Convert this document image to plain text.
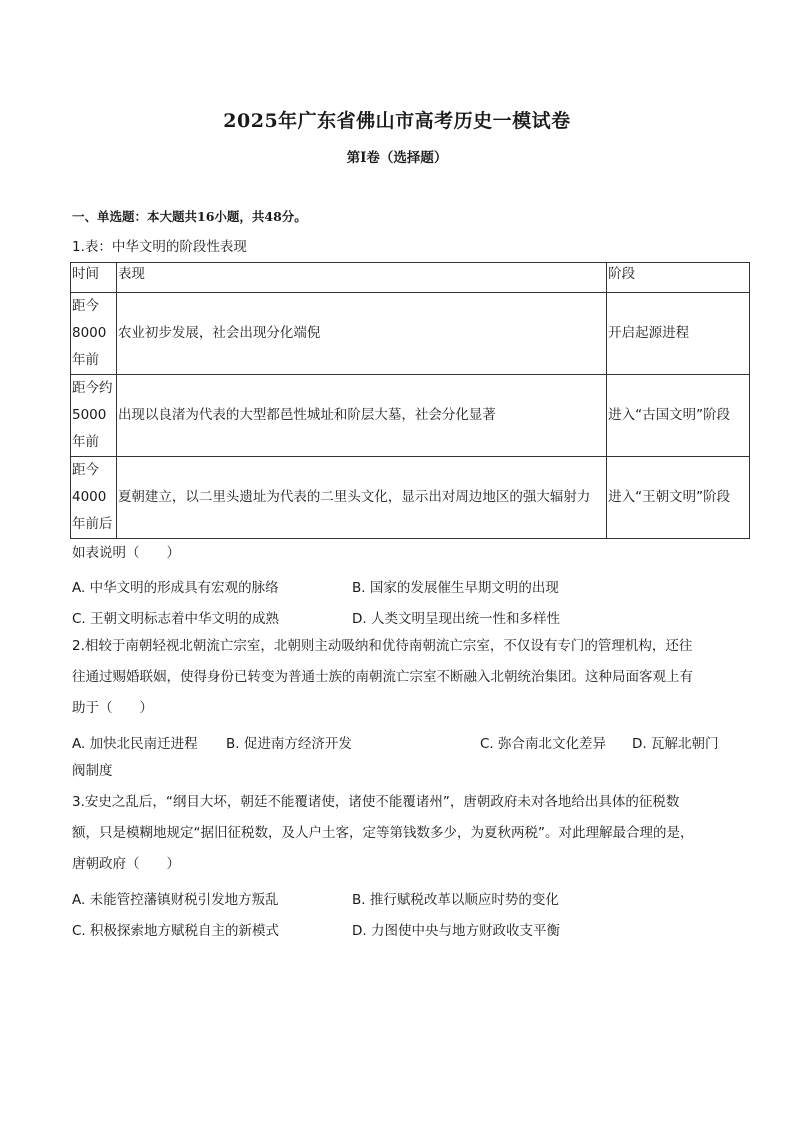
2025年广东省佛山市高考历史一模试卷
第Ⅰ卷（选择题）
一、单选题：本大题共16小题，共48分。
1.表：中华文明的阶段性表现
时间	表现	阶段

距今
8000
年前	农业初步发展，社会出现分化端倪	开启起源进程

距今约
5000
年前	出现以良渚为代表的大型都邑性城址和阶层大墓，社会分化显著	进入“古国文明”阶段

距今
4000
年前后	夏朝建立，以二里头遗址为代表的二里头文化，显示出对周边地区的强大辐射力	进入“王朝文明”阶段
如表说明（　　）
A. 中华文明的形成具有宏观的脉络	B. 国家的发展催生早期文明的出现
C. 王朝文明标志着中华文明的成熟	D. 人类文明呈现出统一性和多样性
2.相较于南朝轻视北朝流亡宗室，北朝则主动吸纳和优待南朝流亡宗室，不仅设有专门的管理机构，还往
往通过赐婚联姻，使得身份已转变为普通士族的南朝流亡宗室不断融入北朝统治集团。这种局面客观上有
助于（　　）
A. 加快北民南迁进程 B. 促进南方经济开发	C. 弥合南北文化差异 D. 瓦解北朝门
阀制度
3.安史之乱后，“纲目大坏，朝廷不能覆诸使，诸使不能覆诸州”，唐朝政府未对各地给出具体的征税数
额，只是模糊地规定“据旧征税数，及人户土客，定等第钱数多少，为夏秋两税”。对此理解最合理的是，
唐朝政府（　　）
A. 未能管控藩镇财税引发地方叛乱	B. 推行赋税改革以顺应时势的变化
C. 积极探索地方赋税自主的新模式	D. 力图使中央与地方财政收支平衡
